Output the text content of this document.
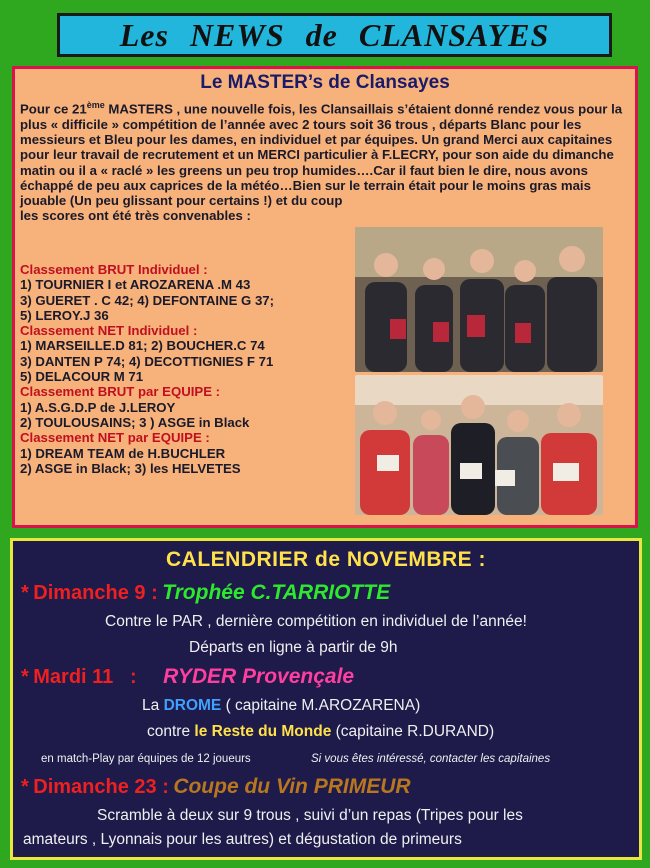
Les NEWS de CLANSAYES
Le MASTER’s de Clansayes
Pour ce 21ème MASTERS , une nouvelle fois, les Clansaillais s’étaient donné rendez vous pour la plus « difficile » compétition de l’année avec 2 tours soit 36 trous , départs Blanc pour les messieurs et Bleu pour les dames, en individuel et par équipes. Un grand Merci aux capitaines pour leur travail de recrutement et un MERCI particulier à F.LECRY, pour son aide du dimanche matin ou il a « raclé » les greens un peu trop humides….Car il faut bien le dire, nous avons échappé de peu aux caprices de la météo…Bien sur le terrain était pour le moins gras mais jouable (Un peu glissant pour certains !) et du coup
les scores ont été très convenables :
Classement BRUT Individuel :
1) TOURNIER I et AROZARENA .M 43
3) GUERET . C 42; 4) DEFONTAINE G 37;
5) LEROY.J 36
Classement NET Individuel :
1) MARSEILLE.D 81; 2) BOUCHER.C 74
3) DANTEN P 74; 4) DECOTTIGNIES F 71
5) DELACOUR M 71
Classement BRUT par EQUIPE :
1) A.S.G.D.P de J.LEROY
2) TOULOUSAINS; 3 ) ASGE in Black
Classement NET par EQUIPE :
1) DREAM TEAM de H.BUCHLER
2) ASGE in Black; 3) les HELVETES
CALENDRIER de NOVEMBRE :
* Dimanche 9 : Trophée C.TARRIOTTE
Contre le PAR , dernière compétition en individuel de l’année!
Départs en ligne à partir de 9h
* Mardi 11   : RYDER Provençale
La DROME ( capitaine M.AROZARENA)
contre le Reste du Monde (capitaine R.DURAND)
en match-Play par équipes de 12 joueurs	Si vous êtes intéressé, contacter les capitaines
* Dimanche 23 : Coupe du Vin PRIMEUR
Scramble à deux sur 9 trous , suivi d’un repas (Tripes pour les
amateurs , Lyonnais pour les autres) et dégustation de primeurs
